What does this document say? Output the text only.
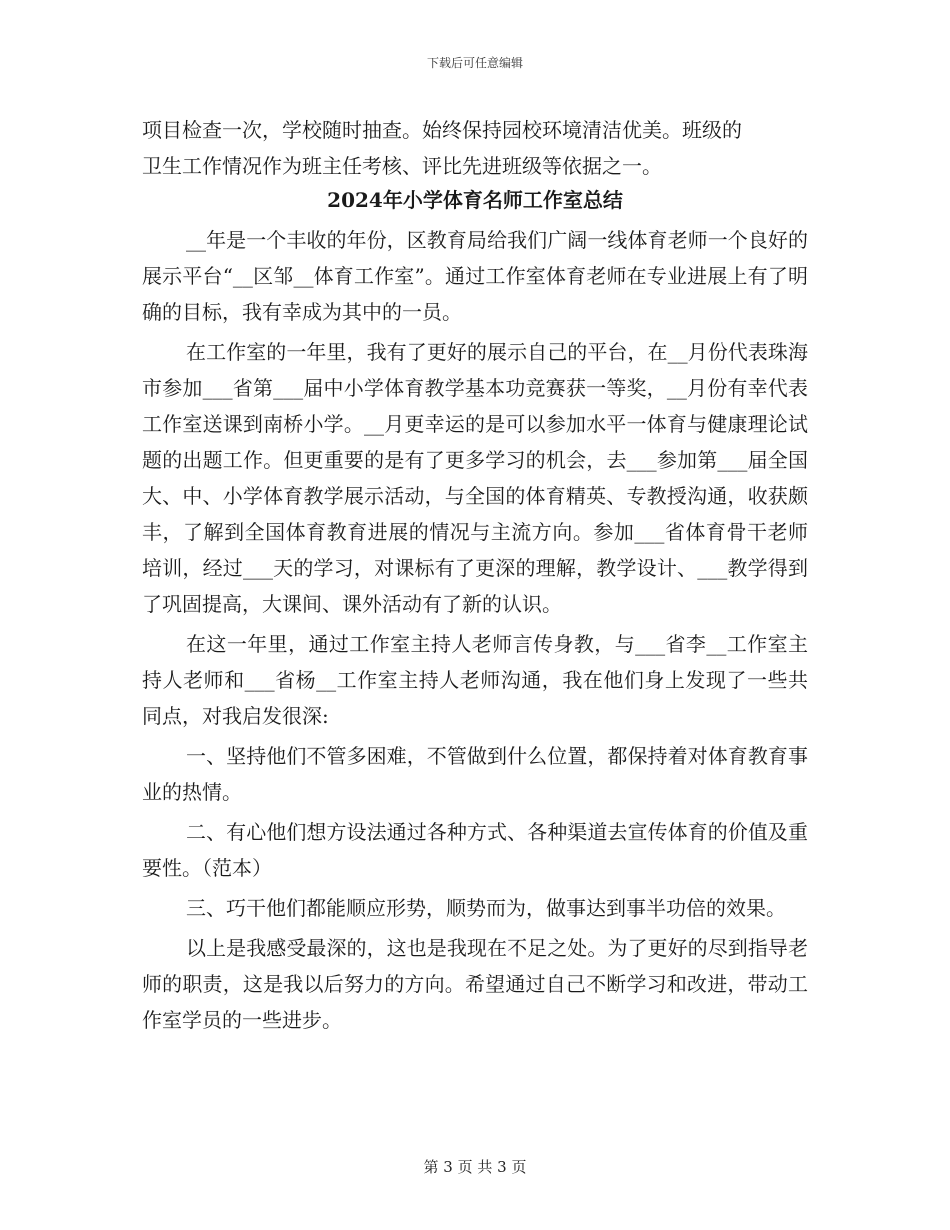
下载后可任意编辑

项目检查一次，学校随时抽查。始终保持园校环境清洁优美。班级的

卫生工作情况作为班主任考核、评比先进班级等依据之一。

2024年小学体育名师工作室总结

__年是一个丰收的年份，区教育局给我们广阔一线体育老师一个良好的展示平台“__区邹__体育工作室”。通过工作室体育老师在专业进展上有了明确的目标，我有幸成为其中的一员。

在工作室的一年里，我有了更好的展示自己的平台，在__月份代表珠海市参加___省第___届中小学体育教学基本功竞赛获一等奖，__月份有幸代表工作室送课到南桥小学。__月更幸运的是可以参加水平一体育与健康理论试题的出题工作。但更重要的是有了更多学习的机会，去___参加第___届全国大、中、小学体育教学展示活动，与全国的体育精英、专教授沟通，收获颇丰，了解到全国体育教育进展的情况与主流方向。参加___省体育骨干老师培训，经过___天的学习，对课标有了更深的理解，教学设计、___教学得到了巩固提高，大课间、课外活动有了新的认识。

在这一年里，通过工作室主持人老师言传身教，与___省李__工作室主持人老师和___省杨__工作室主持人老师沟通，我在他们身上发现了一些共同点，对我启发很深:

一、坚持他们不管多困难，不管做到什么位置，都保持着对体育教育事业的热情。

二、有心他们想方设法通过各种方式、各种渠道去宣传体育的价值及重要性。（范本）

三、巧干他们都能顺应形势，顺势而为，做事达到事半功倍的效果。

以上是我感受最深的，这也是我现在不足之处。为了更好的尽到指导老师的职责，这是我以后努力的方向。希望通过自己不断学习和改进，带动工作室学员的一些进步。

第 3 页 共 3 页
